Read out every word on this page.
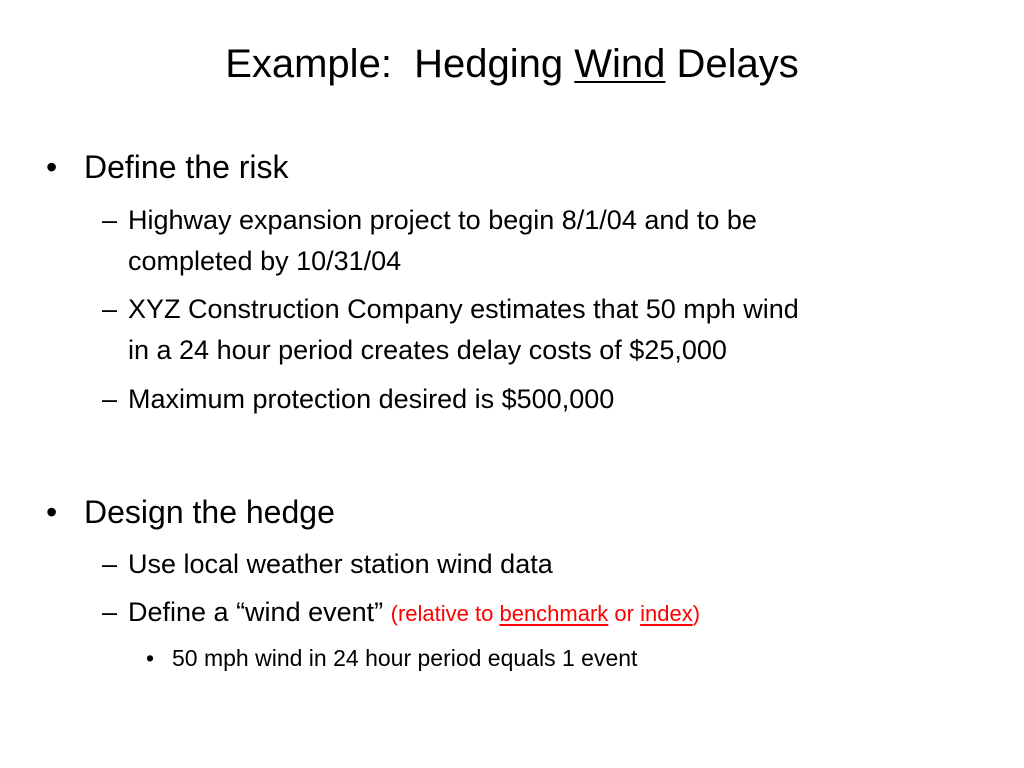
Example:  Hedging Wind Delays
• Define the risk
– Highway expansion project to begin 8/1/04 and to be
completed by 10/31/04
– XYZ Construction Company estimates that 50 mph wind
in a 24 hour period creates delay costs of $25,000
– Maximum protection desired is $500,000
• Design the hedge
– Use local weather station wind data
– Define a “wind event” (relative to benchmark or index)
• 50 mph wind in 24 hour period equals 1 event
